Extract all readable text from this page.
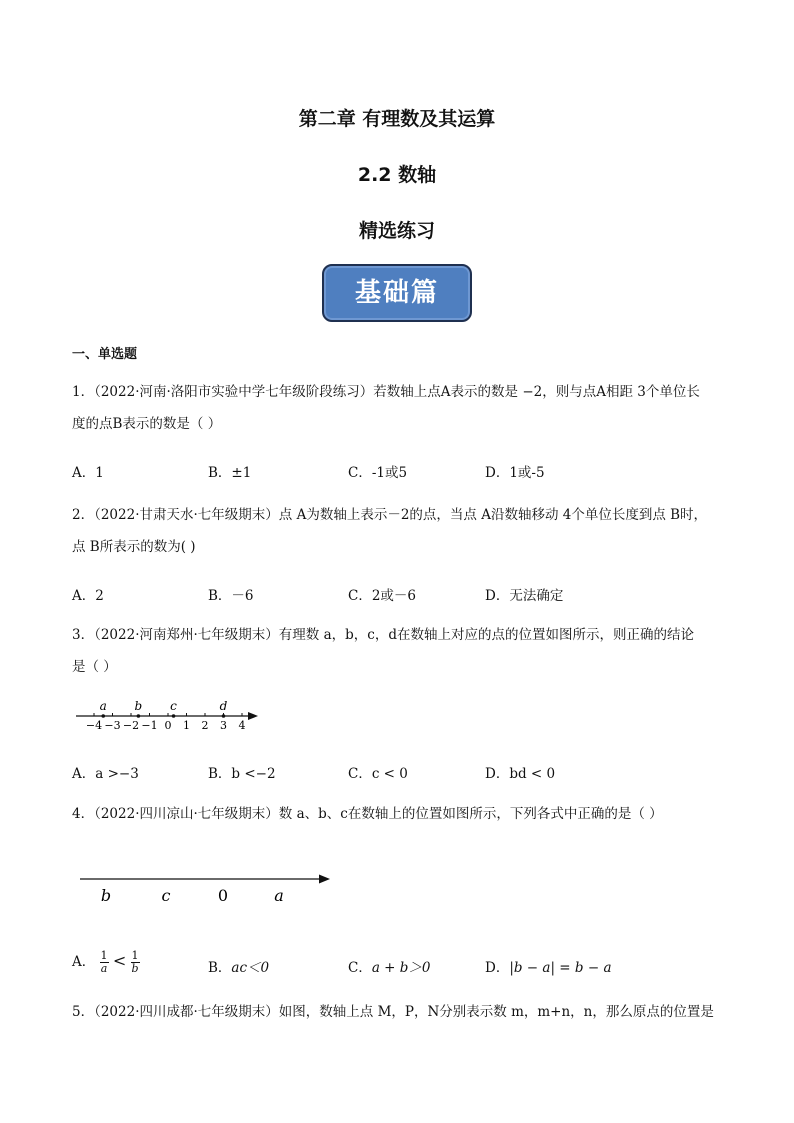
第二章 有理数及其运算
2.2 数轴
精选练习
基础篇
一、单选题
1．（2022·河南·洛阳市实验中学七年级阶段练习）若数轴上点A表示的数是 −2，则与点A相距 3个单位长
度的点B表示的数是（ ）
A．1	B．±1	C．-1或5	D．1或-5
2．（2022·甘肃天水·七年级期末）点 A为数轴上表示－2的点，当点 A沿数轴移动 4个单位长度到点 B时，
点 B所表示的数为( )
A．2	B．－6	C．2或－6	D．无法确定
3．（2022·河南郑州·七年级期末）有理数 a，b，c，d在数轴上对应的点的位置如图所示，则正确的结论
是（ ）
−4 −3 −2 −1 0 1 2 3 4
a b c	d
A．a >−3	B．b <−2	C．c < 0	D．bd < 0
4．（2022·四川凉山·七年级期末）数 a、b、c在数轴上的位置如图所示，下列各式中正确的是（ ）
b	c	0	a
A． $\frac{1}{a} < \frac{1}{b}$	B．ac＜0	C．a + b＞0	D．|b − a| = b − a
5．（2022·四川成都·七年级期末）如图，数轴上点 M，P，N分别表示数 m，m+n，n，那么原点的位置是
